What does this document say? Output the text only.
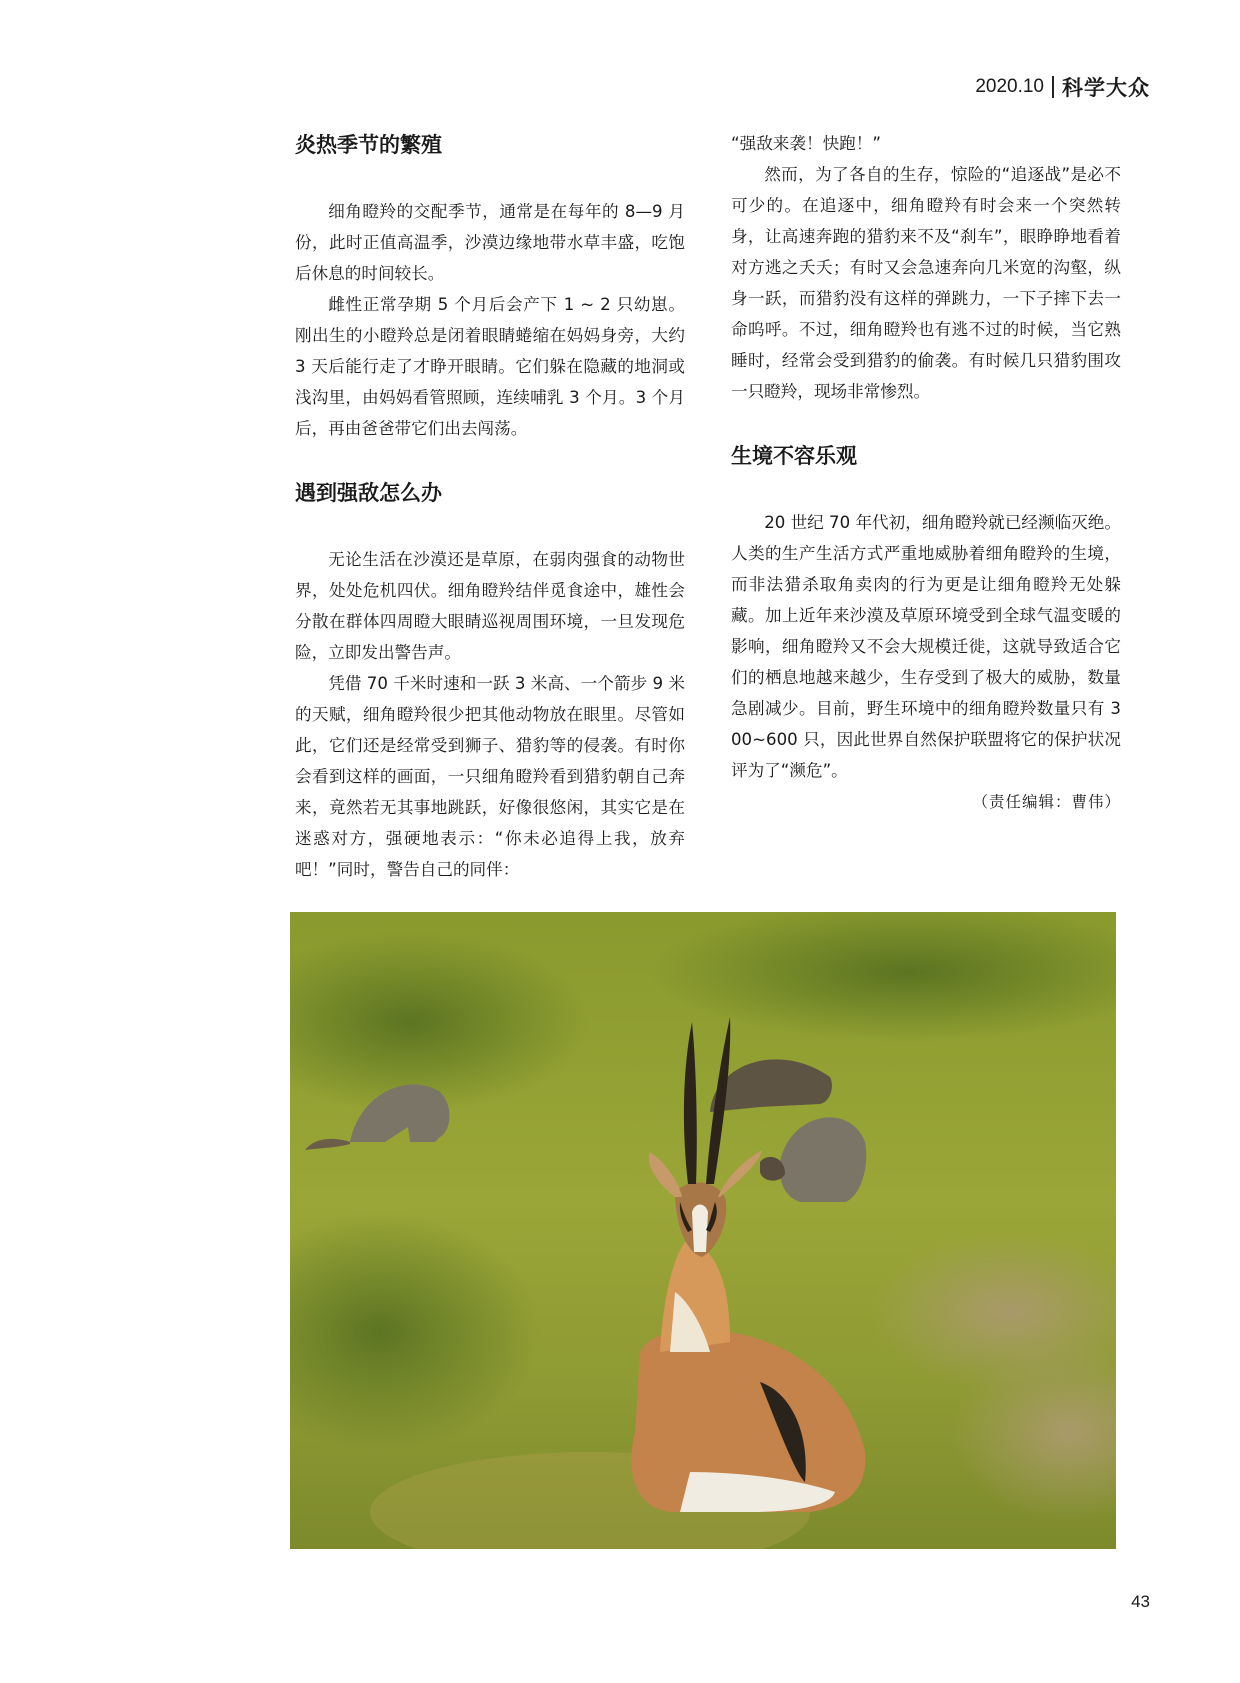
2020.10 科学大众
炎热季节的繁殖

细角瞪羚的交配季节，通常是在每年的 8—9 月份，此时正值高温季，沙漠边缘地带水草丰盛，吃饱后休息的时间较长。

雌性正常孕期 5 个月后会产下 1 ~ 2 只幼崽。刚出生的小瞪羚总是闭着眼睛蜷缩在妈妈身旁，大约 3 天后能行走了才睁开眼睛。它们躲在隐藏的地洞或浅沟里，由妈妈看管照顾，连续哺乳 3 个月。3 个月后，再由爸爸带它们出去闯荡。

遇到强敌怎么办

无论生活在沙漠还是草原，在弱肉强食的动物世界，处处危机四伏。细角瞪羚结伴觅食途中，雄性会分散在群体四周瞪大眼睛巡视周围环境，一旦发现危险，立即发出警告声。

凭借 70 千米时速和一跃 3 米高、一个箭步 9 米的天赋，细角瞪羚很少把其他动物放在眼里。尽管如此，它们还是经常受到狮子、猎豹等的侵袭。有时你会看到这样的画面，一只细角瞪羚看到猎豹朝自己奔来，竟然若无其事地跳跃，好像很悠闲，其实它是在迷惑对方，强硬地表示：“你未必追得上我，放弃吧！”同时，警告自己的同伴：

“强敌来袭！快跑！”

然而，为了各自的生存，惊险的“追逐战”是必不可少的。在追逐中，细角瞪羚有时会来一个突然转身，让高速奔跑的猎豹来不及“刹车”，眼睁睁地看着对方逃之夭夭；有时又会急速奔向几米宽的沟壑，纵身一跃，而猎豹没有这样的弹跳力，一下子摔下去一命呜呼。不过，细角瞪羚也有逃不过的时候，当它熟睡时，经常会受到猎豹的偷袭。有时候几只猎豹围攻一只瞪羚，现场非常惨烈。

生境不容乐观

20 世纪 70 年代初，细角瞪羚就已经濒临灭绝。人类的生产生活方式严重地威胁着细角瞪羚的生境，而非法猎杀取角卖肉的行为更是让细角瞪羚无处躲藏。加上近年来沙漠及草原环境受到全球气温变暖的影响，细角瞪羚又不会大规模迁徙，这就导致适合它们的栖息地越来越少，生存受到了极大的威胁，数量急剧减少。目前，野生环境中的细角瞪羚数量只有 300~600 只，因此世界自然保护联盟将它的保护状况评为了“濒危”。

（责任编辑：曹伟）
43
